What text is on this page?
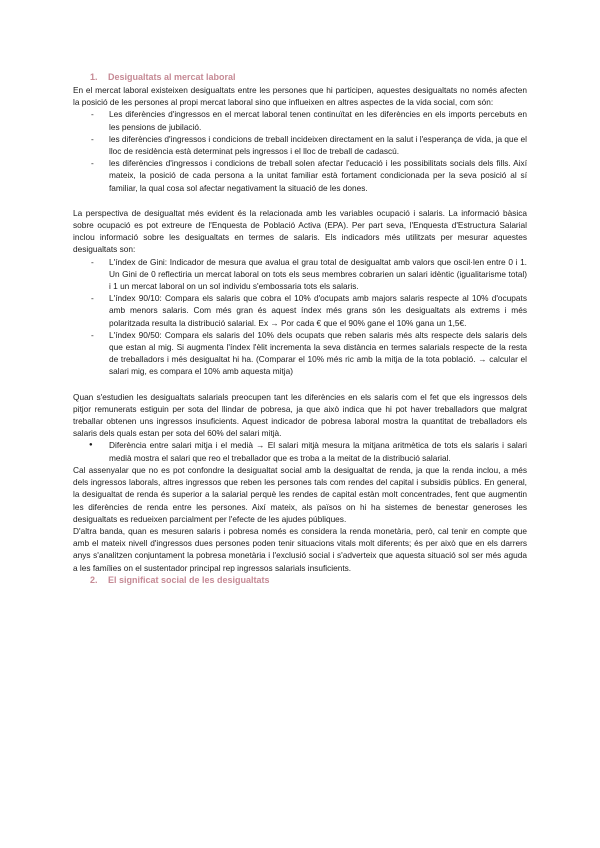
1. Desigualtats al mercat laboral

En el mercat laboral existeixen desigualtats entre les persones que hi participen, aquestes desigualtats no només afecten la posició de les persones al propi mercat laboral sino que influeixen en altres aspectes de la vida social, com són:

- Les diferències d'ingressos en el mercat laboral tenen continuïtat en les diferències en els imports percebuts en les pensions de jubilació.
- les diferències d'ingressos i condicions de treball incideixen directament en la salut i l'esperança de vida, ja que el lloc de residència està determinat pels ingressos i el lloc de treball de cadascú.
- les diferències d'ingressos i condicions de treball solen afectar l'educació i les possibilitats socials dels fills. Així mateix, la posició de cada persona a la unitat familiar està fortament condicionada per la seva posició al sí familiar, la qual cosa sol afectar negativament la situació de les dones.

La perspectiva de desigualtat més evident és la relacionada amb les variables ocupació i salaris. La informació bàsica sobre ocupació es pot extreure de l'Enquesta de Població Activa (EPA). Per part seva, l'Enquesta d'Estructura Salarial inclou informació sobre les desigualtats en termes de salaris. Els indicadors més utilitzats per mesurar aquestes desigualtats son:

- L'índex de Gini: Indicador de mesura que avalua el grau total de desigualtat amb valors que oscil·len entre 0 i 1. Un Gini de 0 reflectiria un mercat laboral on tots els seus membres cobrarien un salari idèntic (igualitarisme total) i 1 un mercat laboral on un sol individu s'embossaria tots els salaris.
- L'índex 90/10: Compara els salaris que cobra el 10% d'ocupats amb majors salaris respecte al 10% d'ocupats amb menors salaris. Com més gran és aquest índex més grans són les desigualtats als extrems i més polaritzada resulta la distribució salarial. Ex → Por cada € que el 90% gane el 10% gana un 1,5€.
- L'índex 90/50: Compara els salaris del 10% dels ocupats que reben salaris més alts respecte dels salaris dels que estan al mig. Si augmenta l'índex l'èlit incrementa la seva distància en termes salarials respecte de la resta de treballadors i més desigualtat hi ha. (Comparar el 10% més ric amb la mitja de la tota població. → calcular el salari mig, es compara el 10% amb aquesta mitja)

Quan s'estudien les desigualtats salarials preocupen tant les diferències en els salaris com el fet que els ingressos dels pitjor remunerats estiguin per sota del llindar de pobresa, ja que això indica que hi pot haver treballadors que malgrat treballar obtenen uns ingressos insuficients. Aquest indicador de pobresa laboral mostra la quantitat de treballadors els salaris dels quals estan per sota del 60% del salari mitjà.

● Diferència entre salari mitja i el medià → El salari mitjà mesura la mitjana aritmètica de tots els salaris i salari medià mostra el salari que reo el treballador que es troba a la meitat de la distribució salarial.

Cal assenyalar que no es pot confondre la desigualtat social amb la desigualtat de renda, ja que la renda inclou, a més dels ingressos laborals, altres ingressos que reben les persones tals com rendes del capital i subsidis públics. En general, la desigualtat de renda és superior a la salarial perquè les rendes de capital estàn molt concentrades, fent que augmentin les diferències de renda entre les persones. Així mateix, als països on hi ha sistemes de benestar generoses les desigualtats es redueixen parcialment per l'efecte de les ajudes públiques.

D'altra banda, quan es mesuren salaris i pobresa només es considera la renda monetària, però, cal tenir en compte que amb el mateix nivell d'ingressos dues persones poden tenir situacions vitals molt diferents; és per això que en els darrers anys s'analitzen conjuntament la pobresa monetària i l'exclusió social i s'adverteix que aquesta situació sol ser més aguda a les famílies on el sustentador principal rep ingressos salarials insuficients.

2. El significat social de les desigualtats
